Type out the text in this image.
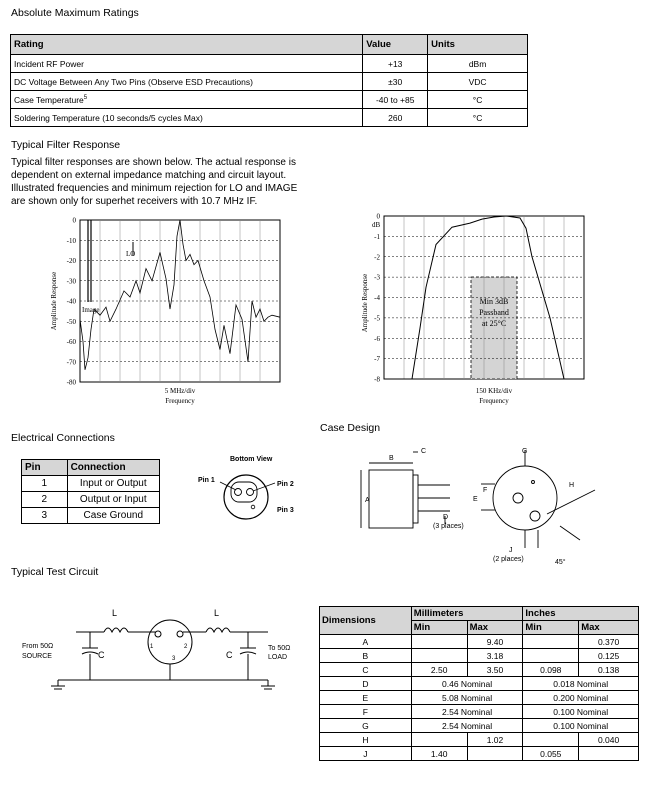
Absolute Maximum Ratings
Rating	Value	Units
Incident RF Power	+13	dBm
DC Voltage Between Any Two Pins (Observe ESD Precautions)	±30	VDC
Case Temperature$^5$	-40 to +85	°C
Soldering Temperature (10 seconds/5 cycles Max)	260	°C
Typical Filter Response
Typical filter responses are shown below. The actual response is
dependent on external impedance matching and circuit layout.
Illustrated frequencies and minimum rejection for LO and IMAGE
are shown only for superhet receivers with 10.7 MHz IF.
0
-10
-20
-30
-40
-50
-60
-70
-80
Amplitude Response
5 MHz/div
Frequency
LO
Image
0
-1
-2
-3
-4
-5
-6
-7
-8
dB
Amplitude Response
150 KHz/div
Frequency
Min 3dB
Passband
at 25°C
Electrical Connections
Pin	Connection
1	Input or Output
2	Output or Input
3	Case Ground
Bottom View
Pin 1
Pin 2
Pin 3
Case Design
A
B
C
D
(3 places)
E
F
G
H
J
(2 places)	45°
Typical Test Circuit
L	L
C	C
1	2
3
From 50Ω
SOURCE
To 50Ω
LOAD
Dimensions	Millimeters		Inches	
	Min	Max	Min	Max
A		9.40		0.370
B		3.18		0.125
C	2.50	3.50	0.098	0.138
D	0.46 Nominal		0.018 Nominal	
E	5.08 Nominal		0.200 Nominal	
F	2.54 Nominal		0.100 Nominal	
G	2.54 Nominal		0.100 Nominal	
H		1.02		0.040
J	1.40		0.055	
